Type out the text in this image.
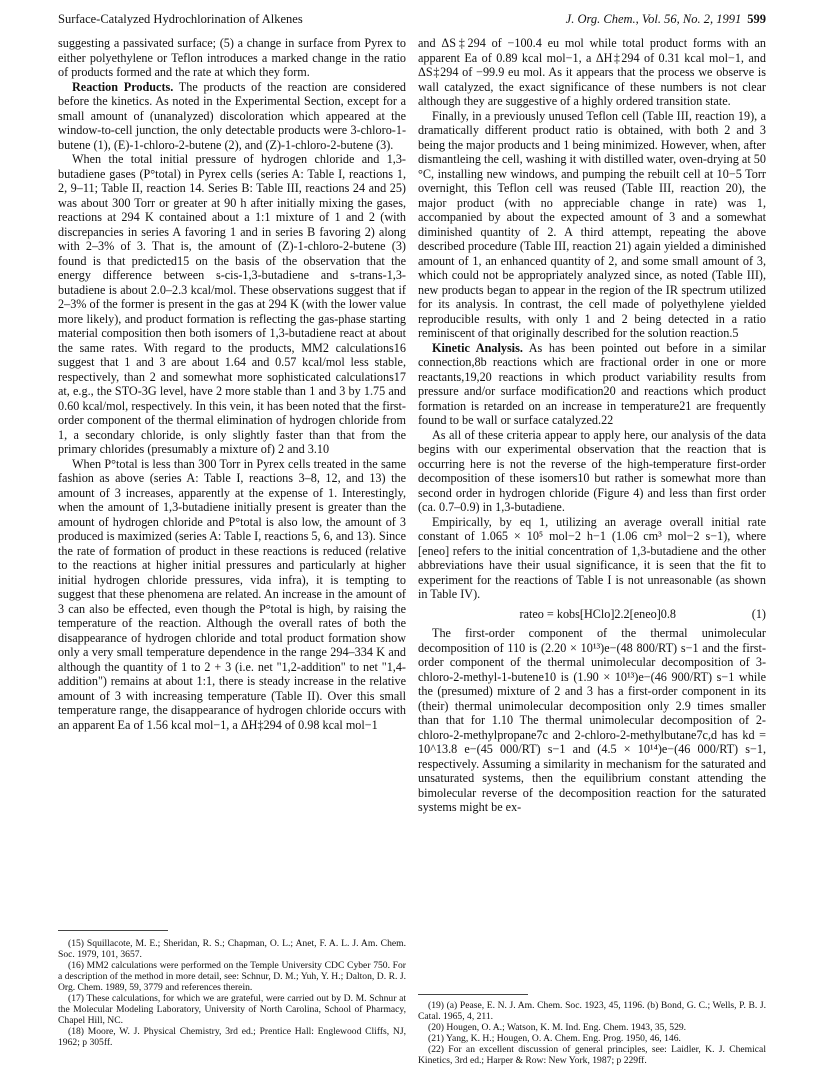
Surface-Catalyzed Hydrochlorination of Alkenes	J. Org. Chem., Vol. 56, No. 2, 1991 599

suggesting a passivated surface; (5) a change in surface from Pyrex to either polyethylene or Teflon introduces a marked change in the ratio of products formed and the rate at which they form.

Reaction Products. The products of the reaction are considered before the kinetics. As noted in the Experimental Section, except for a small amount of (unanalyzed) discoloration which appeared at the window-to-cell junction, the only detectable products were 3-chloro-1-butene (1), (E)-1-chloro-2-butene (2), and (Z)-1-chloro-2-butene (3).

When the total initial pressure of hydrogen chloride and 1,3-butadiene gases (P°total) in Pyrex cells (series A: Table I, reactions 1, 2, 9–11; Table II, reaction 14. Series B: Table III, reactions 24 and 25) was about 300 Torr or greater at 90 h after initially mixing the gases, reactions at 294 K contained about a 1:1 mixture of 1 and 2 (with discrepancies in series A favoring 1 and in series B favoring 2) along with 2–3% of 3. That is, the amount of (Z)-1-chloro-2-butene (3) found is that predicted15 on the basis of the observation that the energy difference between s-cis-1,3-butadiene and s-trans-1,3-butadiene is about 2.0–2.3 kcal/mol. These observations suggest that if 2–3% of the former is present in the gas at 294 K (with the lower value more likely), and product formation is reflecting the gas-phase starting material composition then both isomers of 1,3-butadiene react at about the same rates. With regard to the products, MM2 calculations16 suggest that 1 and 3 are about 1.64 and 0.57 kcal/mol less stable, respectively, than 2 and somewhat more sophisticated calculations17 at, e.g., the STO-3G level, have 2 more stable than 1 and 3 by 1.75 and 0.60 kcal/mol, respectively. In this vein, it has been noted that the first-order component of the thermal elimination of hydrogen chloride from 1, a secondary chloride, is only slightly faster than that from the primary chlorides (presumably a mixture of) 2 and 3.10

When P°total is less than 300 Torr in Pyrex cells treated in the same fashion as above (series A: Table I, reactions 3–8, 12, and 13) the amount of 3 increases, apparently at the expense of 1. Interestingly, when the amount of 1,3-butadiene initially present is greater than the amount of hydrogen chloride and P°total is also low, the amount of 3 produced is maximized (series A: Table I, reactions 5, 6, and 13). Since the rate of formation of product in these reactions is reduced (relative to the reactions at higher initial pressures and particularly at higher initial hydrogen chloride pressures, vida infra), it is tempting to suggest that these phenomena are related. An increase in the amount of 3 can also be effected, even though the P°total is high, by raising the temperature of the reaction. Although the overall rates of both the disappearance of hydrogen chloride and total product formation show only a very small temperature dependence in the range 294–334 K and although the quantity of 1 to 2 + 3 (i.e. net "1,2-addition" to net "1,4-addition") remains at about 1:1, there is steady increase in the relative amount of 3 with increasing temperature (Table II). Over this small temperature range, the disappearance of hydrogen chloride occurs with an apparent Ea of 1.56 kcal mol−1, a ΔH‡294 of 0.98 kcal mol−1

and ΔS‡294 of −100.4 eu mol while total product forms with an apparent Ea of 0.89 kcal mol−1, a ΔH‡294 of 0.31 kcal mol−1, and ΔS‡294 of −99.9 eu mol. As it appears that the process we observe is wall catalyzed, the exact significance of these numbers is not clear although they are suggestive of a highly ordered transition state.

Finally, in a previously unused Teflon cell (Table III, reaction 19), a dramatically different product ratio is obtained, with both 2 and 3 being the major products and 1 being minimized. However, when, after dismantleing the cell, washing it with distilled water, oven-drying at 50 °C, installing new windows, and pumping the rebuilt cell at 10−5 Torr overnight, this Teflon cell was reused (Table III, reaction 20), the major product (with no appreciable change in rate) was 1, accompanied by about the expected amount of 3 and a somewhat diminished quantity of 2. A third attempt, repeating the above described procedure (Table III, reaction 21) again yielded a diminished amount of 1, an enhanced quantity of 2, and some small amount of 3, which could not be appropriately analyzed since, as noted (Table III), new products began to appear in the region of the IR spectrum utilized for its analysis. In contrast, the cell made of polyethylene yielded reproducible results, with only 1 and 2 being detected in a ratio reminiscent of that originally described for the solution reaction.5

Kinetic Analysis. As has been pointed out before in a similar connection,8b reactions which are fractional order in one or more reactants,19,20 reactions in which product variability results from pressure and/or surface modification20 and reactions which product formation is retarded on an increase in temperature21 are frequently found to be wall or surface catalyzed.22

As all of these criteria appear to apply here, our analysis of the data begins with our experimental observation that the reaction that is occurring here is not the reverse of the high-temperature first-order decomposition of these isomers10 but rather is somewhat more than second order in hydrogen chloride (Figure 4) and less than first order (ca. 0.7–0.9) in 1,3-butadiene.

Empirically, by eq 1, utilizing an average overall initial rate constant of 1.065 × 10⁵ mol−2 h−1 (1.06 cm³ mol−2 s−1), where [eneo] refers to the initial concentration of 1,3-butadiene and the other abbreviations have their usual significance, it is seen that the fit to experiment for the reactions of Table I is not unreasonable (as shown in Table IV).

rateo = kobs[HClo]2.2[eneo]0.8	(1)

The first-order component of the thermal unimolecular decomposition of 110 is (2.20 × 10¹³)e−(48 800/RT) s−1 and the first-order component of the thermal unimolecular decomposition of 3-chloro-2-methyl-1-butene10 is (1.90 × 10¹³)e−(46 900/RT) s−1 while the (presumed) mixture of 2 and 3 has a first-order component in its (their) thermal unimolecular decomposition only 2.9 times smaller than that for 1.10 The thermal unimolecular decomposition of 2-chloro-2-methylpropane7c and 2-chloro-2-methylbutane7c,d has kd = 10^13.8 e−(45 000/RT) s−1 and (4.5 × 10¹⁴)e−(46 000/RT) s−1, respectively. Assuming a similarity in mechanism for the saturated and unsaturated systems, then the equilibrium constant attending the bimolecular reverse of the decomposition reaction for the saturated systems might be ex-

(15) Squillacote, M. E.; Sheridan, R. S.; Chapman, O. L.; Anet, F. A. L. J. Am. Chem. Soc. 1979, 101, 3657.
(16) MM2 calculations were performed on the Temple University CDC Cyber 750. For a description of the method in more detail, see: Schnur, D. M.; Yuh, Y. H.; Dalton, D. R. J. Org. Chem. 1989, 59, 3779 and references therein.
(17) These calculations, for which we are grateful, were carried out by D. M. Schnur at the Molecular Modeling Laboratory, University of North Carolina, School of Pharmacy, Chapel Hill, NC.
(18) Moore, W. J. Physical Chemistry, 3rd ed.; Prentice Hall: Englewood Cliffs, NJ, 1962; p 305ff.
(19) (a) Pease, E. N. J. Am. Chem. Soc. 1923, 45, 1196. (b) Bond, G. C.; Wells, P. B. J. Catal. 1965, 4, 211.
(20) Hougen, O. A.; Watson, K. M. Ind. Eng. Chem. 1943, 35, 529.
(21) Yang, K. H.; Hougen, O. A. Chem. Eng. Prog. 1950, 46, 146.
(22) For an excellent discussion of general principles, see: Laidler, K. J. Chemical Kinetics, 3rd ed.; Harper & Row: New York, 1987; p 229ff.
